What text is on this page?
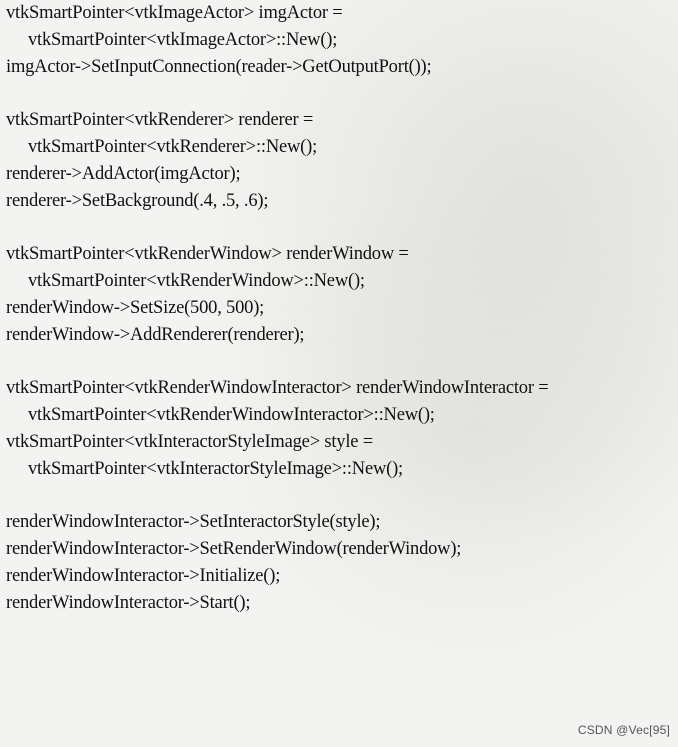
vtkSmartPointer<vtkImageActor> imgActor =
vtkSmartPointer<vtkImageActor>::New();
imgActor->SetInputConnection(reader->GetOutputPort());
vtkSmartPointer<vtkRenderer> renderer =
vtkSmartPointer<vtkRenderer>::New();
renderer->AddActor(imgActor);
renderer->SetBackground(.4, .5, .6);
vtkSmartPointer<vtkRenderWindow> renderWindow =
vtkSmartPointer<vtkRenderWindow>::New();
renderWindow->SetSize(500, 500);
renderWindow->AddRenderer(renderer);
vtkSmartPointer<vtkRenderWindowInteractor> renderWindowInteractor =
vtkSmartPointer<vtkRenderWindowInteractor>::New();
vtkSmartPointer<vtkInteractorStyleImage> style =
vtkSmartPointer<vtkInteractorStyleImage>::New();
renderWindowInteractor->SetInteractorStyle(style);
renderWindowInteractor->SetRenderWindow(renderWindow);
renderWindowInteractor->Initialize();
renderWindowInteractor->Start();
CSDN @Vec[95]
